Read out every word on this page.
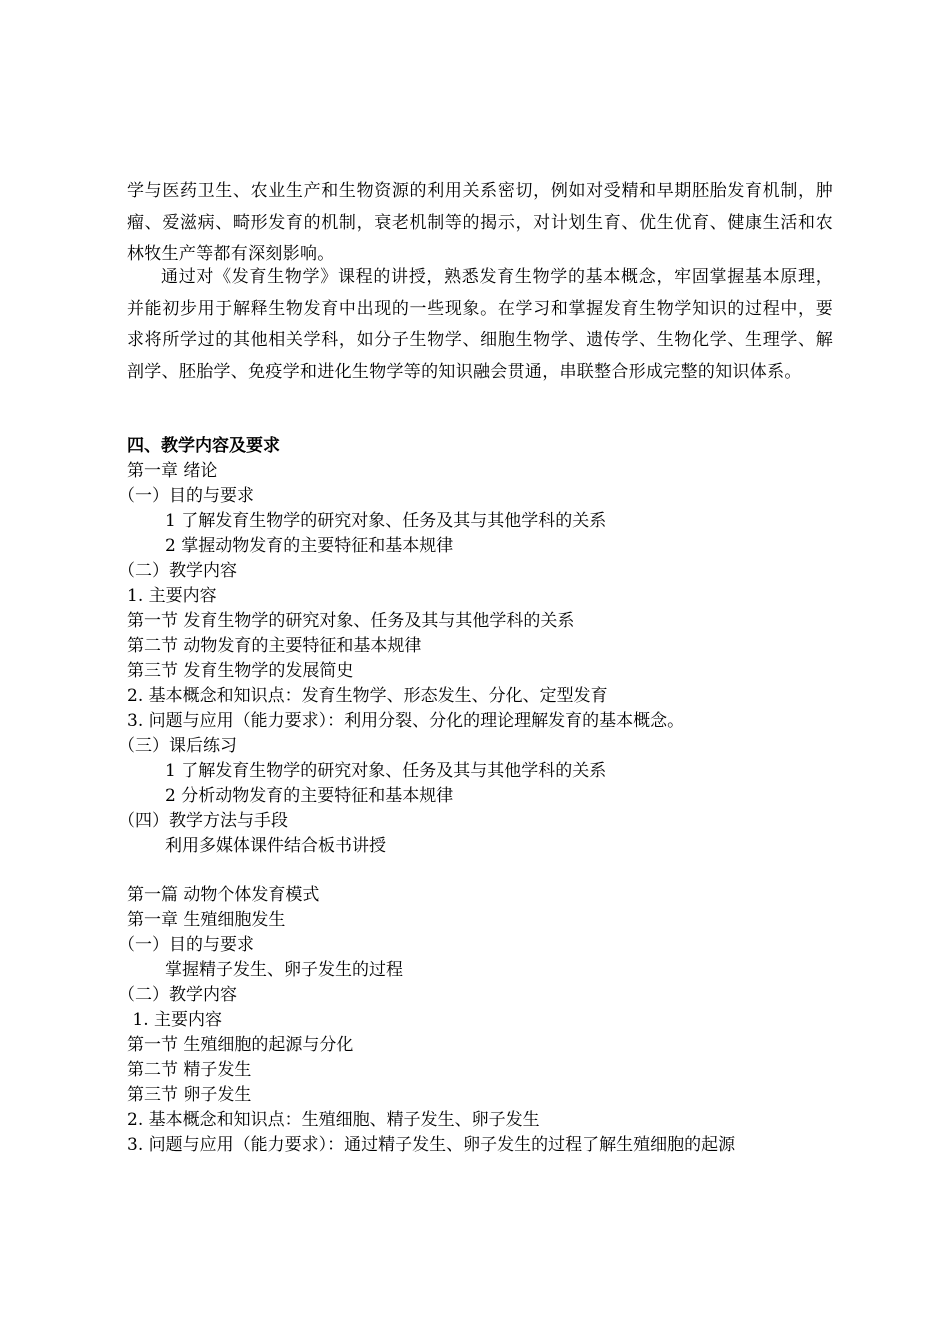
学与医药卫生、农业生产和生物资源的利用关系密切，例如对受精和早期胚胎发育机制，肿瘤、爱滋病、畸形发育的机制，衰老机制等的揭示，对计划生育、优生优育、健康生活和农林牧生产等都有深刻影响。

通过对《发育生物学》课程的讲授，熟悉发育生物学的基本概念，牢固掌握基本原理，并能初步用于解释生物发育中出现的一些现象。在学习和掌握发育生物学知识的过程中，要求将所学过的其他相关学科，如分子生物学、细胞生物学、遗传学、生物化学、生理学、解剖学、胚胎学、免疫学和进化生物学等的知识融会贯通，串联整合形成完整的知识体系。

四、教学内容及要求

第一章 绪论

（一）目的与要求

1 了解发育生物学的研究对象、任务及其与其他学科的关系

2 掌握动物发育的主要特征和基本规律

（二）教学内容

1. 主要内容

第一节 发育生物学的研究对象、任务及其与其他学科的关系

第二节 动物发育的主要特征和基本规律

第三节 发育生物学的发展简史

2. 基本概念和知识点：发育生物学、形态发生、分化、定型发育

3. 问题与应用（能力要求）：利用分裂、分化的理论理解发育的基本概念。

（三）课后练习

1 了解发育生物学的研究对象、任务及其与其他学科的关系

2 分析动物发育的主要特征和基本规律

（四）教学方法与手段

利用多媒体课件结合板书讲授

第一篇 动物个体发育模式

第一章 生殖细胞发生

（一）目的与要求

掌握精子发生、卵子发生的过程

（二）教学内容

1. 主要内容

第一节 生殖细胞的起源与分化

第二节 精子发生

第三节 卵子发生

2. 基本概念和知识点：生殖细胞、精子发生、卵子发生

3. 问题与应用（能力要求）：通过精子发生、卵子发生的过程了解生殖细胞的起源
